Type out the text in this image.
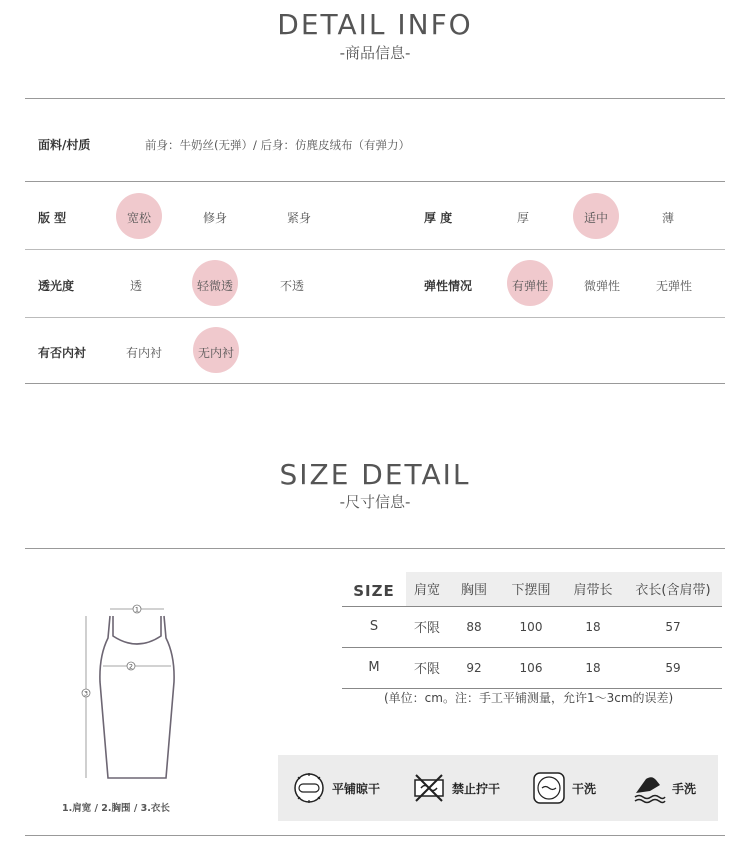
DETAIL INFO
-商品信息-
面料/村质	前身：牛奶丝(无弹）/ 后身：仿麂皮绒布（有弹力）
版 型	宽松	修身	紧身	厚 度	厚	适中	薄
透光度	透	轻微透	不透	弹性情况	有弹性	微弹性	无弹性
有否内衬	有内衬	无内衬
SIZE DETAIL
-尺寸信息-
1
2
3
1.肩宽 / 2.胸围 / 3.衣长
SIZE	肩宽	胸围	下摆围	肩带长	衣长(含肩带)
S	不限	88	100	18	57
M	不限	92	106	18	59
(单位：cm。注：手工平铺测量，允许1～3cm的误差)
平铺晾干	禁止拧干	干洗	手洗
